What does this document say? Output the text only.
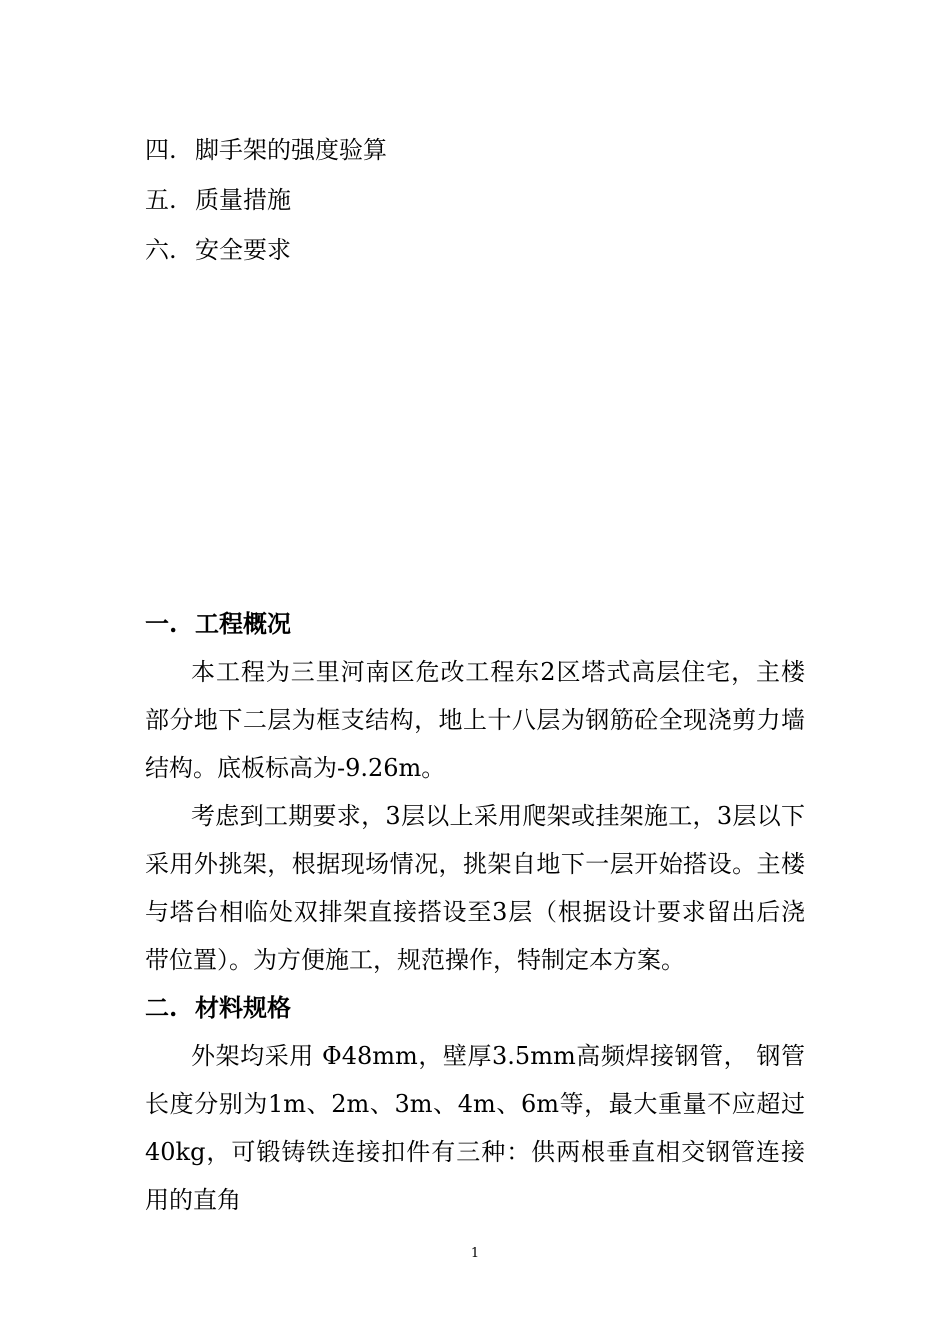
四. 脚手架的强度验算
五. 质量措施
六. 安全要求
一. 工程概况

本工程为三里河南区危改工程东2区塔式高层住宅，主楼部分地下二层为框支结构，地上十八层为钢筋砼全现浇剪力墙结构。底板标高为-9.26m。

考虑到工期要求，3层以上采用爬架或挂架施工，3层以下采用外挑架，根据现场情况，挑架自地下一层开始搭设。主楼与塔台相临处双排架直接搭设至3层（根据设计要求留出后浇带位置）。为方便施工，规范操作，特制定本方案。

二. 材料规格

外架均采用 Φ48mm，壁厚3.5mm高频焊接钢管， 钢管长度分别为1m、2m、3m、4m、6m等，最大重量不应超过40kg，可锻铸铁连接扣件有三种：供两根垂直相交钢管连接用的直角

1
